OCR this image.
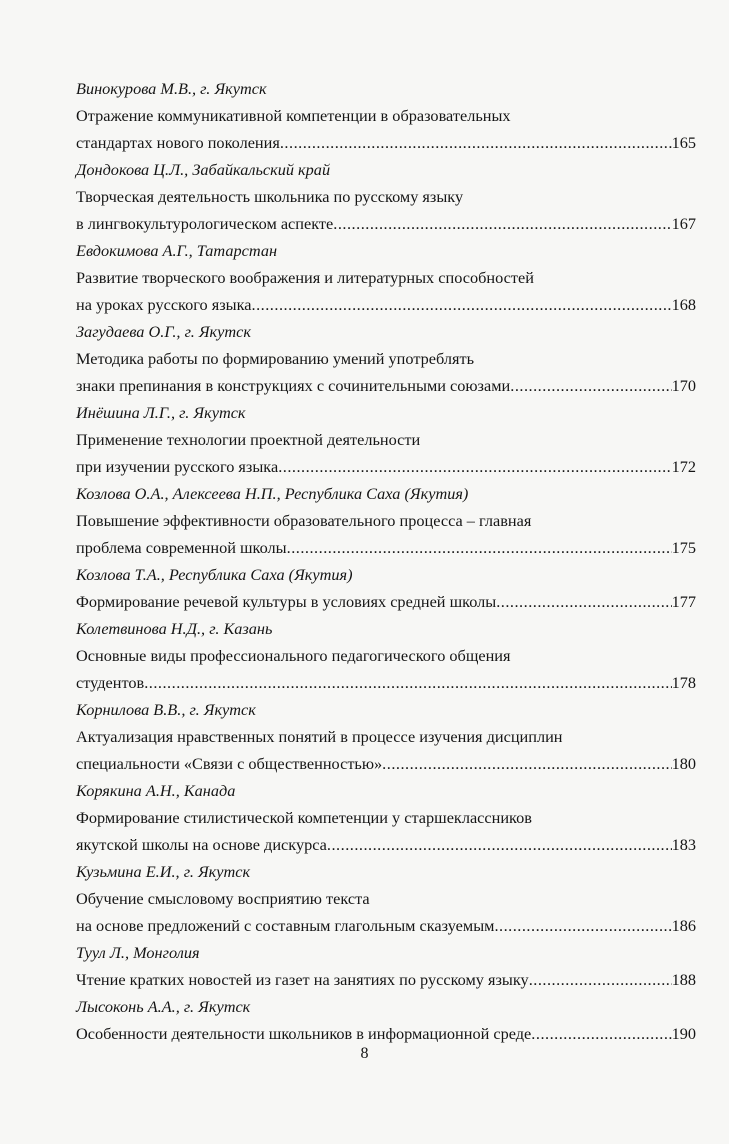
Винокурова М.В., г. Якутск
Отражение коммуникативной компетенции в образовательных
стандартах нового поколения .....	165
Дондокова Ц.Л., Забайкальский край
Творческая деятельность школьника по русскому языку
в лингвокультурологическом аспекте .....	167
Евдокимова А.Г., Татарстан
Развитие творческого воображения и литературных способностей
на уроках русского языка .....	168
Загудаева О.Г., г. Якутск
Методика работы по формированию умений употреблять
знаки препинания в конструкциях с сочинительными союзами .....	170
Инёшина Л.Г., г. Якутск
Применение технологии проектной деятельности
при изучении русского языка .....	172
Козлова О.А., Алексеева Н.П., Республика Саха (Якутия)
Повышение эффективности образовательного процесса – главная
проблема современной школы .....	175
Козлова Т.А., Республика Саха (Якутия)
Формирование речевой культуры в условиях средней школы .....	177
Колетвинова Н.Д., г. Казань
Основные виды профессионального педагогического общения
студентов .....	178
Корнилова В.В., г. Якутск
Актуализация нравственных понятий в процессе изучения дисциплин
специальности «Связи с общественностью» .....	180
Корякина А.Н., Канада
Формирование стилистической компетенции у старшеклассников
якутской школы на основе дискурса .....	183
Кузьмина Е.И., г. Якутск
Обучение смысловому восприятию текста
на основе предложений с составным глагольным сказуемым .....	186
Туул Л., Монголия
Чтение кратких новостей из газет на занятиях по русскому языку .....	188
Лысоконь А.А., г. Якутск
Особенности деятельности школьников в информационной среде .....	190
8
